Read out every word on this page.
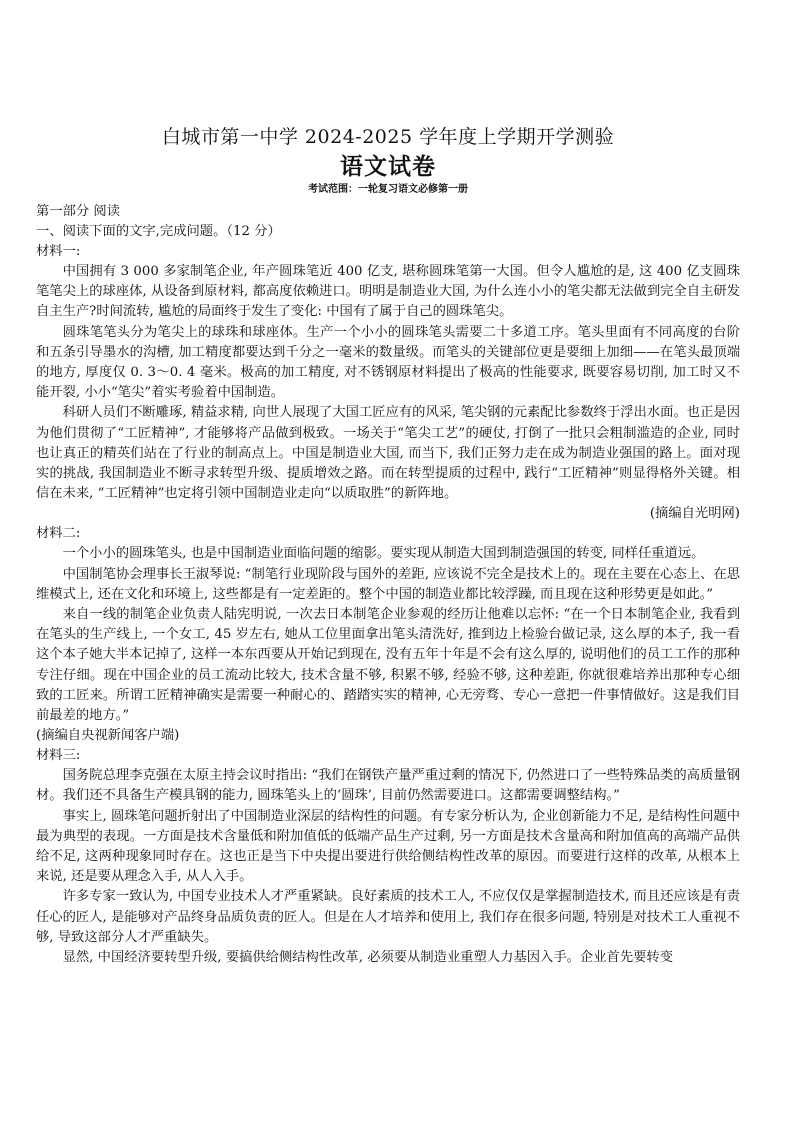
白城市第一中学 2024-2025 学年度上学期开学测验
语文试卷
考试范围：一轮复习语文必修第一册

第一部分 阅读

一、阅读下面的文字,完成问题。（12 分）

材料一:

中国拥有 3 000 多家制笔企业, 年产圆珠笔近 400 亿支, 堪称圆珠笔第一大国。但令人尴尬的是, 这 400 亿支圆珠笔笔尖上的球座体, 从设备到原材料, 都高度依赖进口。明明是制造业大国, 为什么连小小的笔尖都无法做到完全自主研发自主生产?时间流转, 尴尬的局面终于发生了变化: 中国有了属于自己的圆珠笔尖。

圆珠笔笔头分为笔尖上的球珠和球座体。生产一个小小的圆珠笔头需要二十多道工序。笔头里面有不同高度的台阶和五条引导墨水的沟槽, 加工精度都要达到千分之一毫米的数量级。而笔头的关键部位更是要细上加细——在笔头最顶端的地方, 厚度仅 0. 3～0. 4 毫米。极高的加工精度, 对不锈钢原材料提出了极高的性能要求, 既要容易切削, 加工时又不能开裂, 小小“笔尖”着实考验着中国制造。

科研人员们不断雕琢, 精益求精, 向世人展现了大国工匠应有的风采, 笔尖钢的元素配比参数终于浮出水面。也正是因为他们贯彻了“工匠精神”, 才能够将产品做到极致。一场关于“笔尖工艺”的硬仗, 打倒了一批只会粗制滥造的企业, 同时也让真正的精英们站在了行业的制高点上。中国是制造业大国, 而当下, 我们正努力走在成为制造业强国的路上。面对现实的挑战, 我国制造业不断寻求转型升级、提质增效之路。而在转型提质的过程中, 践行“工匠精神”则显得格外关键。相信在未来, “工匠精神”也定将引领中国制造业走向“以质取胜”的新阵地。

(摘编自光明网)

材料二:

一个小小的圆珠笔头, 也是中国制造业面临问题的缩影。要实现从制造大国到制造强国的转变, 同样任重道远。

中国制笔协会理事长王淑琴说: “制笔行业现阶段与国外的差距, 应该说不完全是技术上的。现在主要在心态上、在思维模式上, 还在文化和环境上, 这些都是有一定差距的。整个中国的制造业都比较浮躁, 而且现在这种形势更是如此。”

来自一线的制笔企业负责人陆宪明说, 一次去日本制笔企业参观的经历让他难以忘怀: “在一个日本制笔企业, 我看到在笔头的生产线上, 一个女工, 45 岁左右, 她从工位里面拿出笔头清洗好, 推到边上检验台做记录, 这么厚的本子, 我一看这个本子她大半本记掉了, 这样一本东西要从开始记到现在, 没有五年十年是不会有这么厚的, 说明他们的员工工作的那种专注仔细。现在中国企业的员工流动比较大, 技术含量不够, 积累不够, 经验不够, 这种差距, 你就很难培养出那种专心细致的工匠来。所谓工匠精神确实是需要一种耐心的、踏踏实实的精神, 心无旁骛、专心一意把一件事情做好。这是我们目前最差的地方。”

(摘编自央视新闻客户端)

材料三:

国务院总理李克强在太原主持会议时指出: “我们在钢铁产量严重过剩的情况下, 仍然进口了一些特殊品类的高质量钢材。我们还不具备生产模具钢的能力, 圆珠笔头上的‘圆珠’, 目前仍然需要进口。这都需要调整结构。”

事实上, 圆珠笔问题折射出了中国制造业深层的结构性的问题。有专家分析认为, 企业创新能力不足, 是结构性问题中最为典型的表现。一方面是技术含量低和附加值低的低端产品生产过剩, 另一方面是技术含量高和附加值高的高端产品供给不足, 这两种现象同时存在。这也正是当下中央提出要进行供给侧结构性改革的原因。而要进行这样的改革, 从根本上来说, 还是要从理念入手, 从人入手。

许多专家一致认为, 中国专业技术人才严重紧缺。良好素质的技术工人, 不应仅仅是掌握制造技术, 而且还应该是有责任心的匠人, 是能够对产品终身品质负责的匠人。但是在人才培养和使用上, 我们存在很多问题, 特别是对技术工人重视不够, 导致这部分人才严重缺失。

显然, 中国经济要转型升级, 要搞供给侧结构性改革, 必须要从制造业重塑人力基因入手。企业首先要转变
